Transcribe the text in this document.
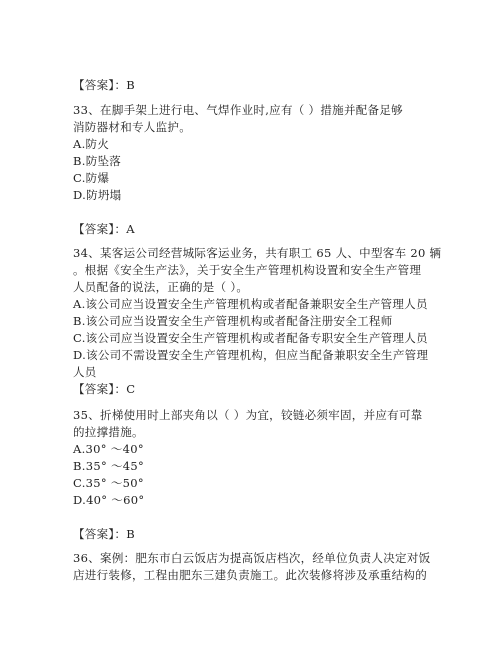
【答案】：B
33、在脚手架上进行电、气焊作业时,应有（ ）措施并配备足够
消防器材和专人监护。
A.防火
B.防坠落
C.防爆
D.防坍塌
【答案】：A
34、某客运公司经营城际客运业务，共有职工 65 人、中型客车 20 辆
。根据《安全生产法》，关于安全生产管理机构设置和安全生产管理
人员配备的说法，正确的是（ ）。
A.该公司应当设置安全生产管理机构或者配备兼职安全生产管理人员
B.该公司应当设置安全生产管理机构或者配备注册安全工程师
C.该公司应当设置安全生产管理机构或者配备专职安全生产管理人员
D.该公司不需设置安全生产管理机构，但应当配备兼职安全生产管理
人员
【答案】：C
35、折梯使用时上部夹角以（ ）为宜，铰链必须牢固，并应有可靠
的拉撑措施。
A.30° ～40°
B.35° ～45°
C.35° ～50°
D.40° ～60°
【答案】：B
36、案例：肥东市白云饭店为提高饭店档次，经单位负责人决定对饭
店进行装修，工程由肥东三建负责施工。此次装修将涉及承重结构的
